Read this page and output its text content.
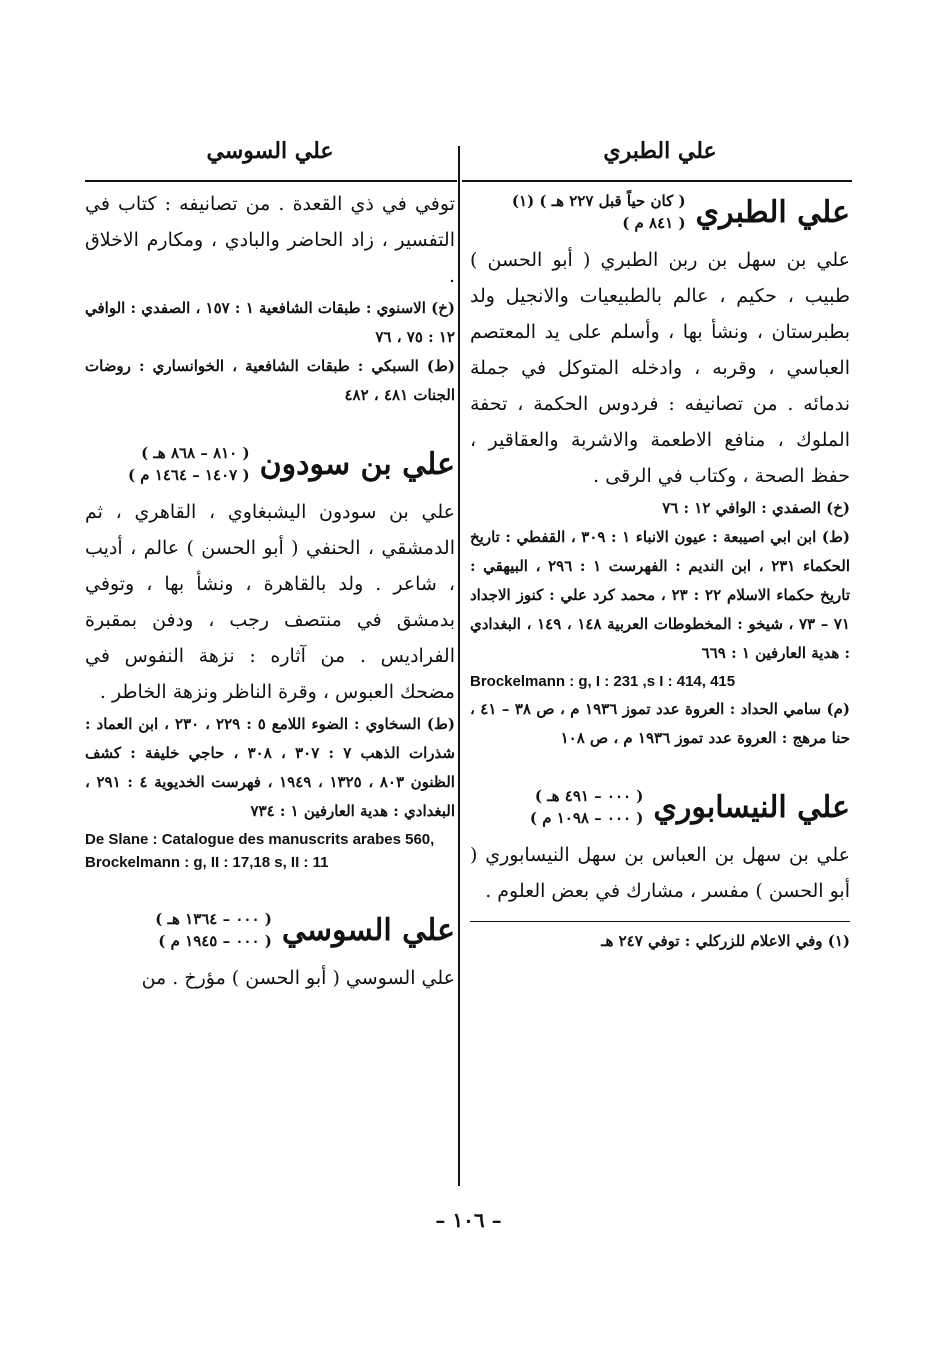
علي الطبري
علي السوسي
علي الطبري
( كان حياً قبل ٢٢٧ هـ ) (١)
( ٨٤١ م )

علي بن سهل بن ربن الطبري ( أبو الحسن ) طبيب ، حكيم ، عالم بالطبيعيات والانجيل ولد بطبرستان ، ونشأ بها ، وأسلم على يد المعتصم العباسي ، وقربه ، وادخله المتوكل في جملة ندمائه . من تصانيفه : فردوس الحكمة ، تحفة الملوك ، منافع الاطعمة والاشربة والعقاقير ، حفظ الصحة ، وكتاب في الرقى .

(خ) الصفدي : الوافي ١٢ : ٧٦

(ط) ابن ابي اصيبعة : عيون الانباء ١ : ٣٠٩ ، القفطي : تاريخ الحكماء ٢٣١ ، ابن النديم : الفهرست ١ : ٢٩٦ ، البيهقي : تاريخ حكماء الاسلام ٢٢ : ٢٣ ، محمد كرد علي : كنوز الاجداد ٧١ – ٧٣ ، شيخو : المخطوطات العربية ١٤٨ ، ١٤٩ ، البغدادي : هدية العارفين ١ : ٦٦٩

Brockelmann : g, I : 231 ,s I : 414, 415

(م) سامي الحداد : العروة عدد تموز ١٩٣٦ م ، ص ٣٨ – ٤١ ، حنا مرهج : العروة عدد تموز ١٩٣٦ م ، ص ١٠٨

علي النيسابوري
( ٠٠٠ – ٤٩١ هـ )
( ٠٠٠ – ١٠٩٨ م )

علي بن سهل بن العباس بن سهل النيسابوري ( أبو الحسن ) مفسر ، مشارك في بعض العلوم .

(١) وفي الاعلام للزركلي : توفي ٢٤٧ هـ

توفي في ذي القعدة . من تصانيفه : كتاب في التفسير ، زاد الحاضر والبادي ، ومكارم الاخلاق .

(خ) الاسنوي : طبقات الشافعية ١ : ١٥٧ ، الصفدي : الوافي ١٢ : ٧٥ ، ٧٦

(ط) السبكي : طبقات الشافعية ، الخوانساري : روضات الجنات ٤٨١ ، ٤٨٢

علي بن سودون
( ٨١٠ – ٨٦٨ هـ )
( ١٤٠٧ – ١٤٦٤ م )

علي بن سودون اليشبغاوي ، القاهري ، ثم الدمشقي ، الحنفي ( أبو الحسن ) عالم ، أديب ، شاعر . ولد بالقاهرة ، ونشأ بها ، وتوفي بدمشق في منتصف رجب ، ودفن بمقبرة الفراديس . من آثاره : نزهة النفوس في مضحك العبوس ، وقرة الناظر ونزهة الخاطر .

(ط) السخاوي : الضوء اللامع ٥ : ٢٢٩ ، ٢٣٠ ، ابن العماد : شذرات الذهب ٧ : ٣٠٧ ، ٣٠٨ ، حاجي خليفة : كشف الظنون ٨٠٣ ، ١٣٢٥ ، ١٩٤٩ ، فهرست الخديوية ٤ : ٢٩١ ، البغدادي : هدية العارفين ١ : ٧٣٤

De Slane : Catalogue des manuscrits arabes 560, Brockelmann : g, II : 17,18 s, II : 11

علي السوسي
( ٠٠٠ – ١٣٦٤ هـ )
( ٠٠٠ – ١٩٤٥ م )

علي السوسي ( أبو الحسن ) مؤرخ . من

– ١٠٦ –
